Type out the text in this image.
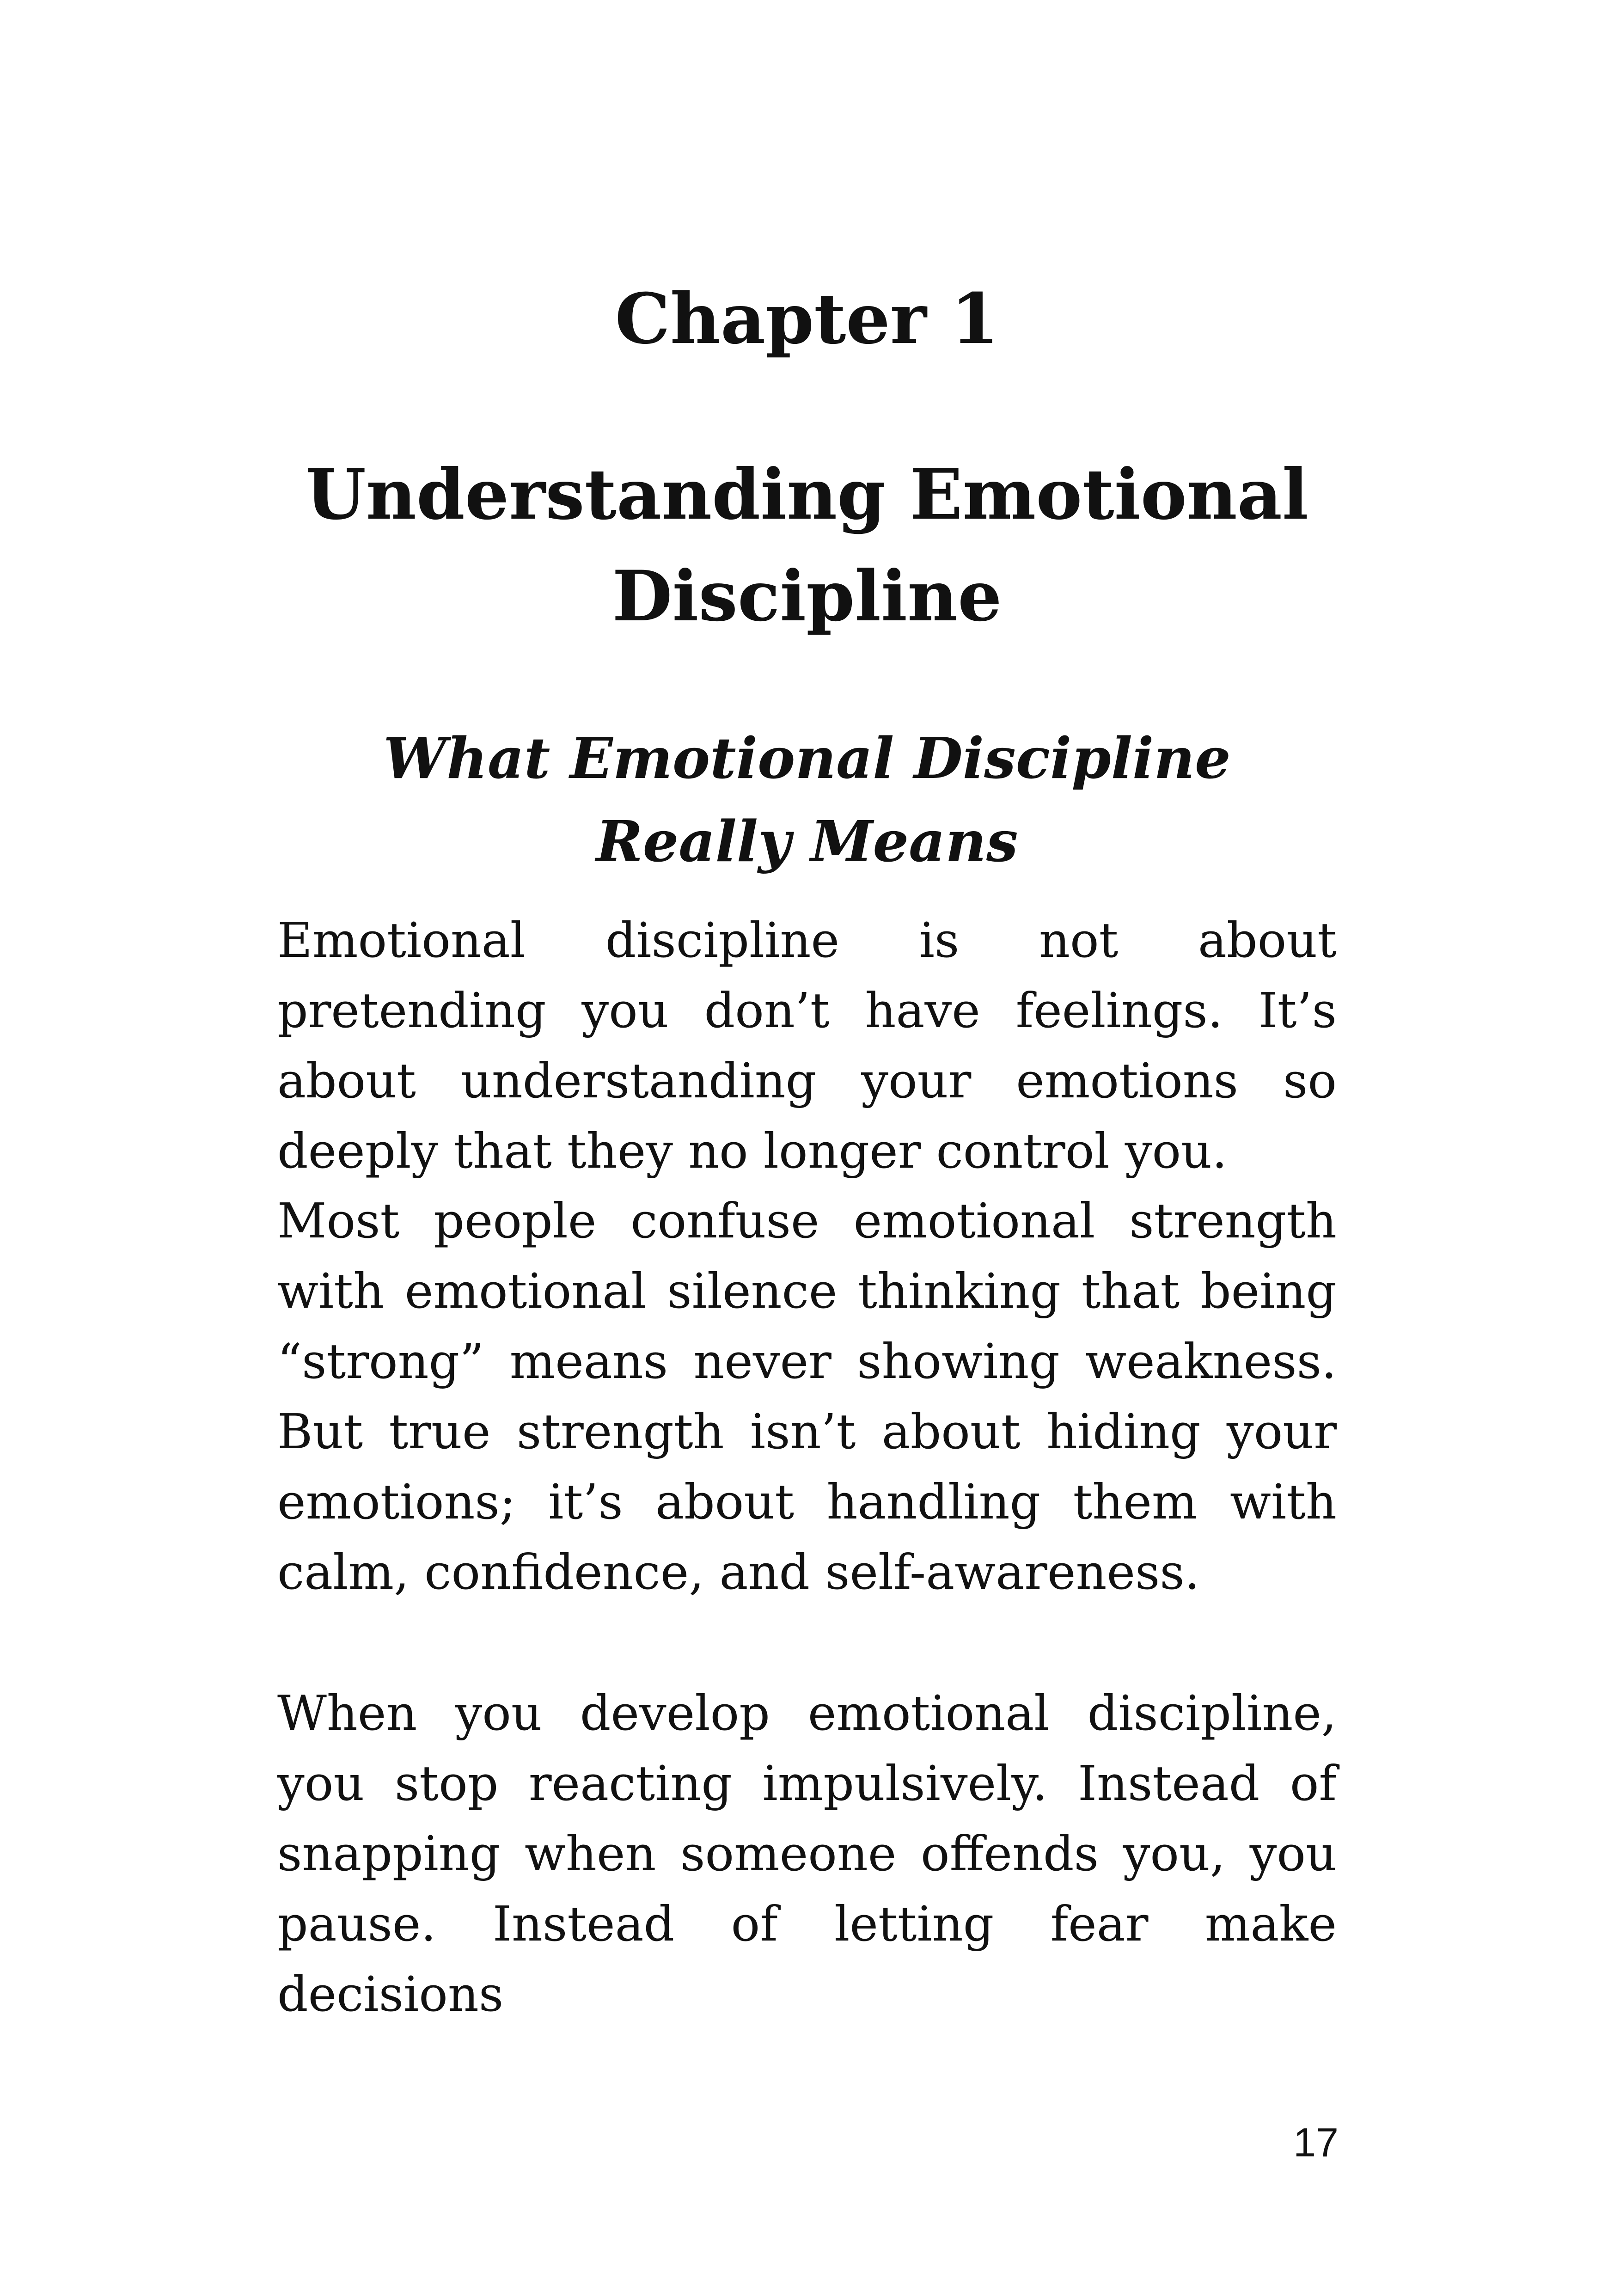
Chapter 1
Understanding Emotional Discipline
What Emotional Discipline Really Means

Emotional discipline is not about pretending you don’t have feelings. It’s about understanding your emotions so deeply that they no longer control you.

Most people confuse emotional strength with emotional silence thinking that being “strong” means never showing weakness. But true strength isn’t about hiding your emotions; it’s about handling them with calm, confidence, and self-awareness.

When you develop emotional discipline, you stop reacting impulsively. Instead of snapping when someone offends you, you pause. Instead of letting fear make decisions

17
